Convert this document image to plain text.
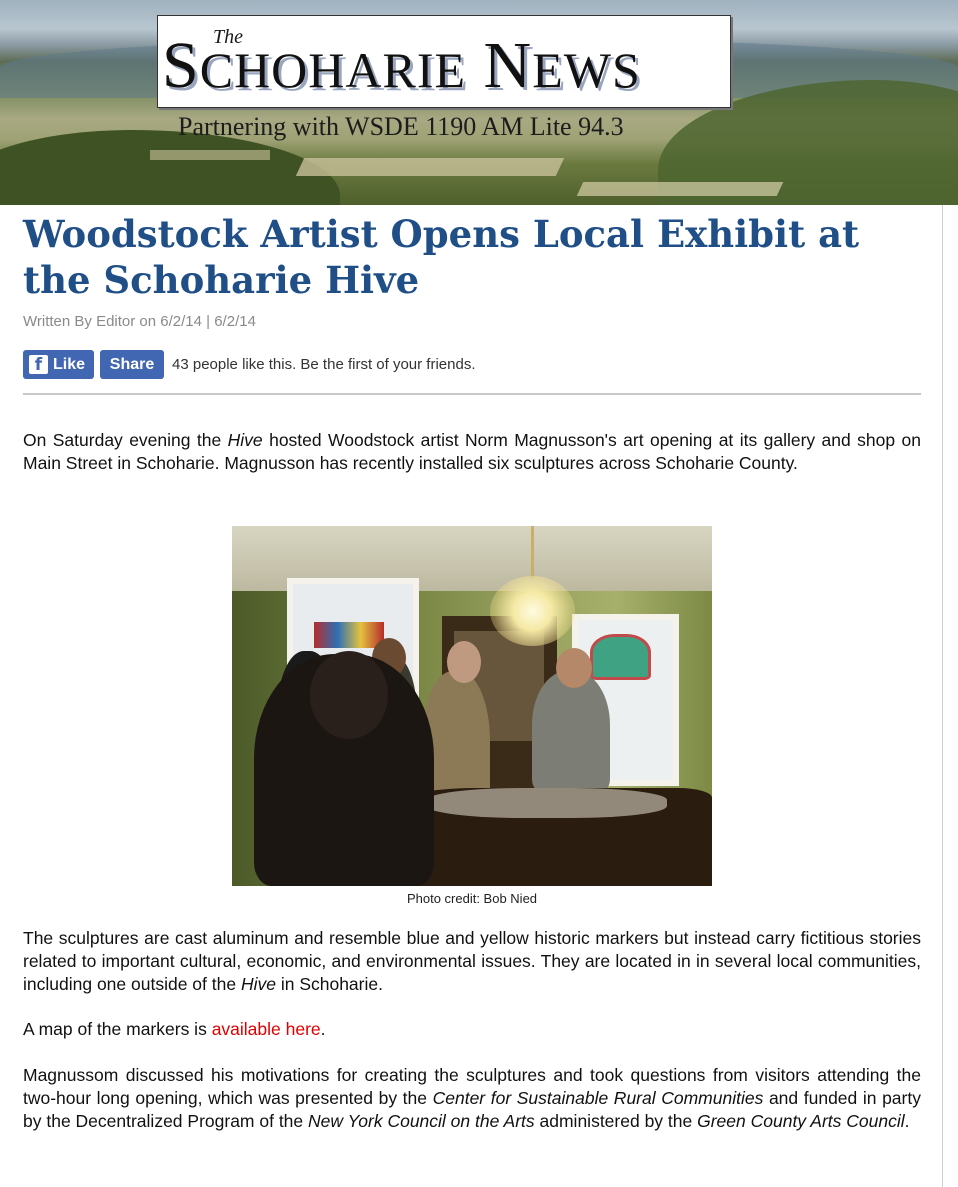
SCHOHARIE NEWS
The
Partnering with WSDE 1190 AM Lite 94.3
Woodstock Artist Opens Local Exhibit at the Schoharie Hive
Written By Editor on 6/2/14 | 6/2/14
f Like Share 43 people like this. Be the first of your friends.

On Saturday evening the Hive hosted Woodstock artist Norm Magnusson's art opening at its gallery and shop on Main Street in Schoharie. Magnusson has recently installed six sculptures across Schoharie County.

Photo credit: Bob Nied

The sculptures are cast aluminum and resemble blue and yellow historic markers but instead carry fictitious stories related to important cultural, economic, and environmental issues. They are located in in several local communities, including one outside of the Hive in Schoharie.

A map of the markers is available here.

Magnussom discussed his motivations for creating the sculptures and took questions from visitors attending the two-hour long opening, which was presented by the Center for Sustainable Rural Communities and funded in party by the Decentralized Program of the New York Council on the Arts administered by the Green County Arts Council.
